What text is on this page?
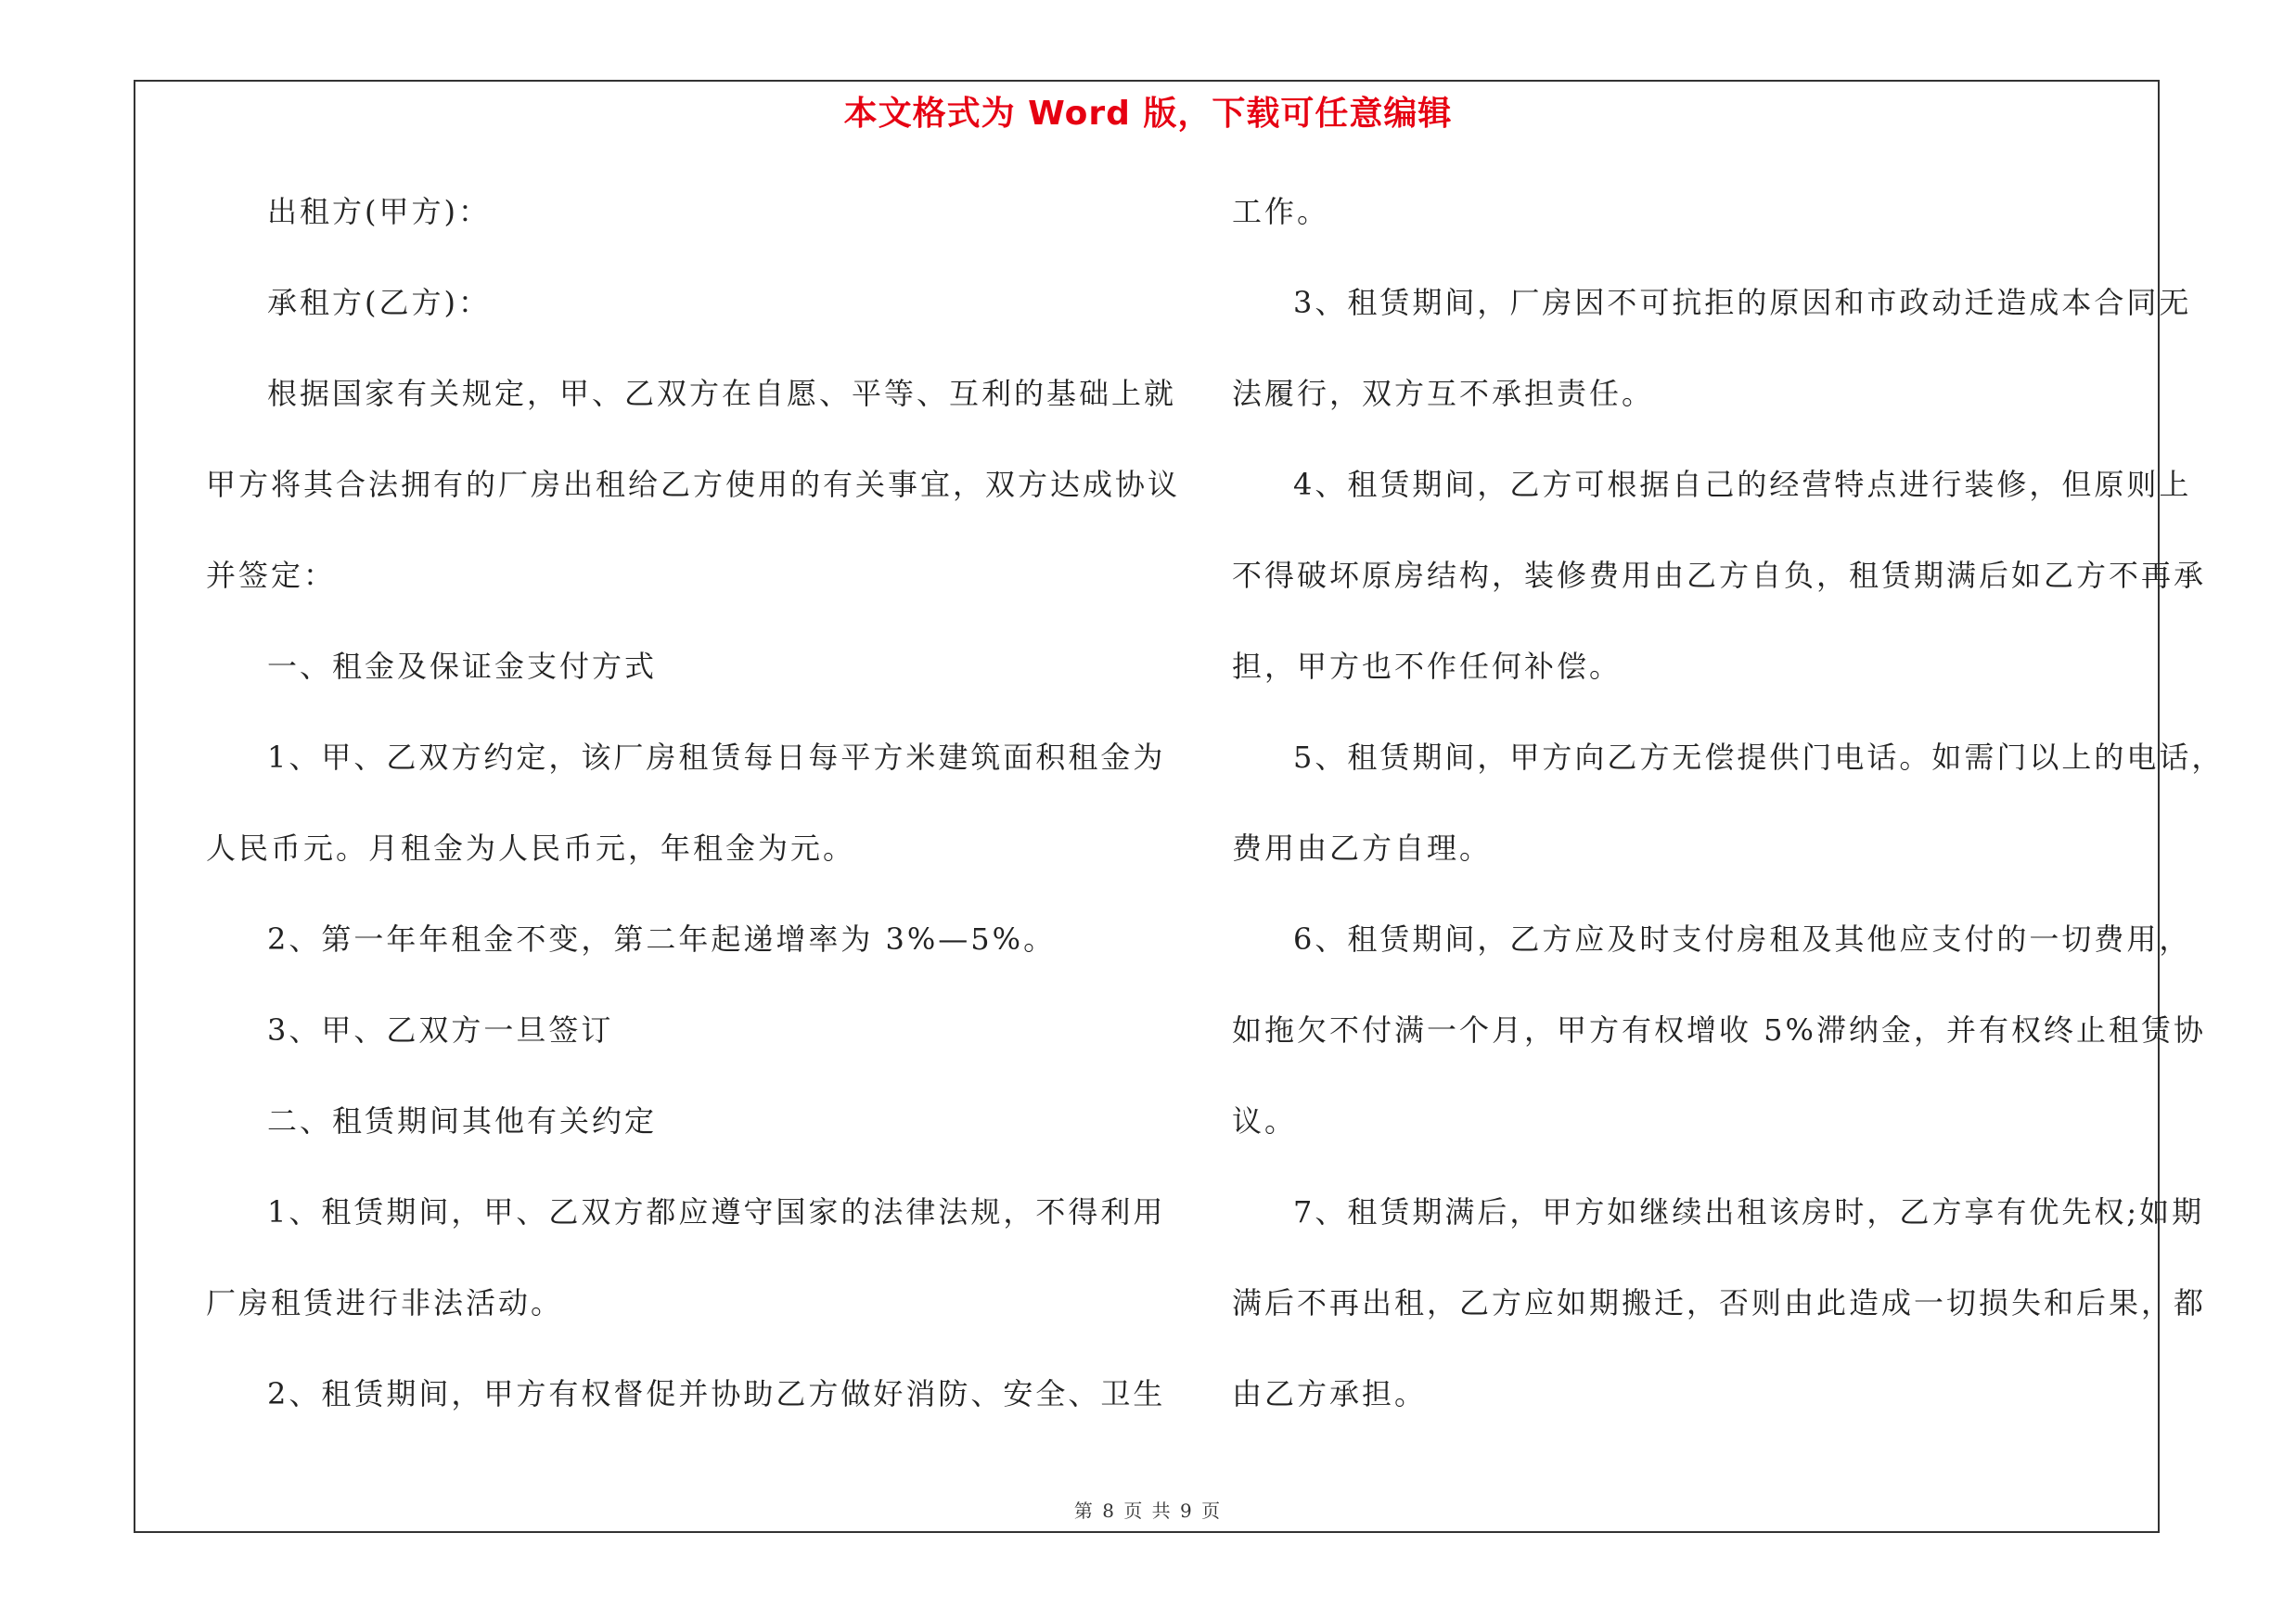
本文格式为 Word 版，下载可任意编辑
出租方(甲方)：
承租方(乙方)：
根据国家有关规定，甲、乙双方在自愿、平等、互利的基础上就
甲方将其合法拥有的厂房出租给乙方使用的有关事宜，双方达成协议
并签定：
一、租金及保证金支付方式
1、甲、乙双方约定，该厂房租赁每日每平方米建筑面积租金为
人民币元。月租金为人民币元，年租金为元。
2、第一年年租金不变，第二年起递增率为 3%—5%。
3、甲、乙双方一旦签订
二、租赁期间其他有关约定
1、租赁期间，甲、乙双方都应遵守国家的法律法规，不得利用
厂房租赁进行非法活动。
2、租赁期间，甲方有权督促并协助乙方做好消防、安全、卫生
工作。
3、租赁期间，厂房因不可抗拒的原因和市政动迁造成本合同无
法履行，双方互不承担责任。
4、租赁期间，乙方可根据自己的经营特点进行装修，但原则上
不得破坏原房结构，装修费用由乙方自负，租赁期满后如乙方不再承
担，甲方也不作任何补偿。
5、租赁期间，甲方向乙方无偿提供门电话。如需门以上的电话，
费用由乙方自理。
6、租赁期间，乙方应及时支付房租及其他应支付的一切费用，
如拖欠不付满一个月，甲方有权增收 5%滞纳金，并有权终止租赁协
议。
7、租赁期满后，甲方如继续出租该房时，乙方享有优先权;如期
满后不再出租，乙方应如期搬迁，否则由此造成一切损失和后果，都
由乙方承担。
第 8 页 共 9 页
